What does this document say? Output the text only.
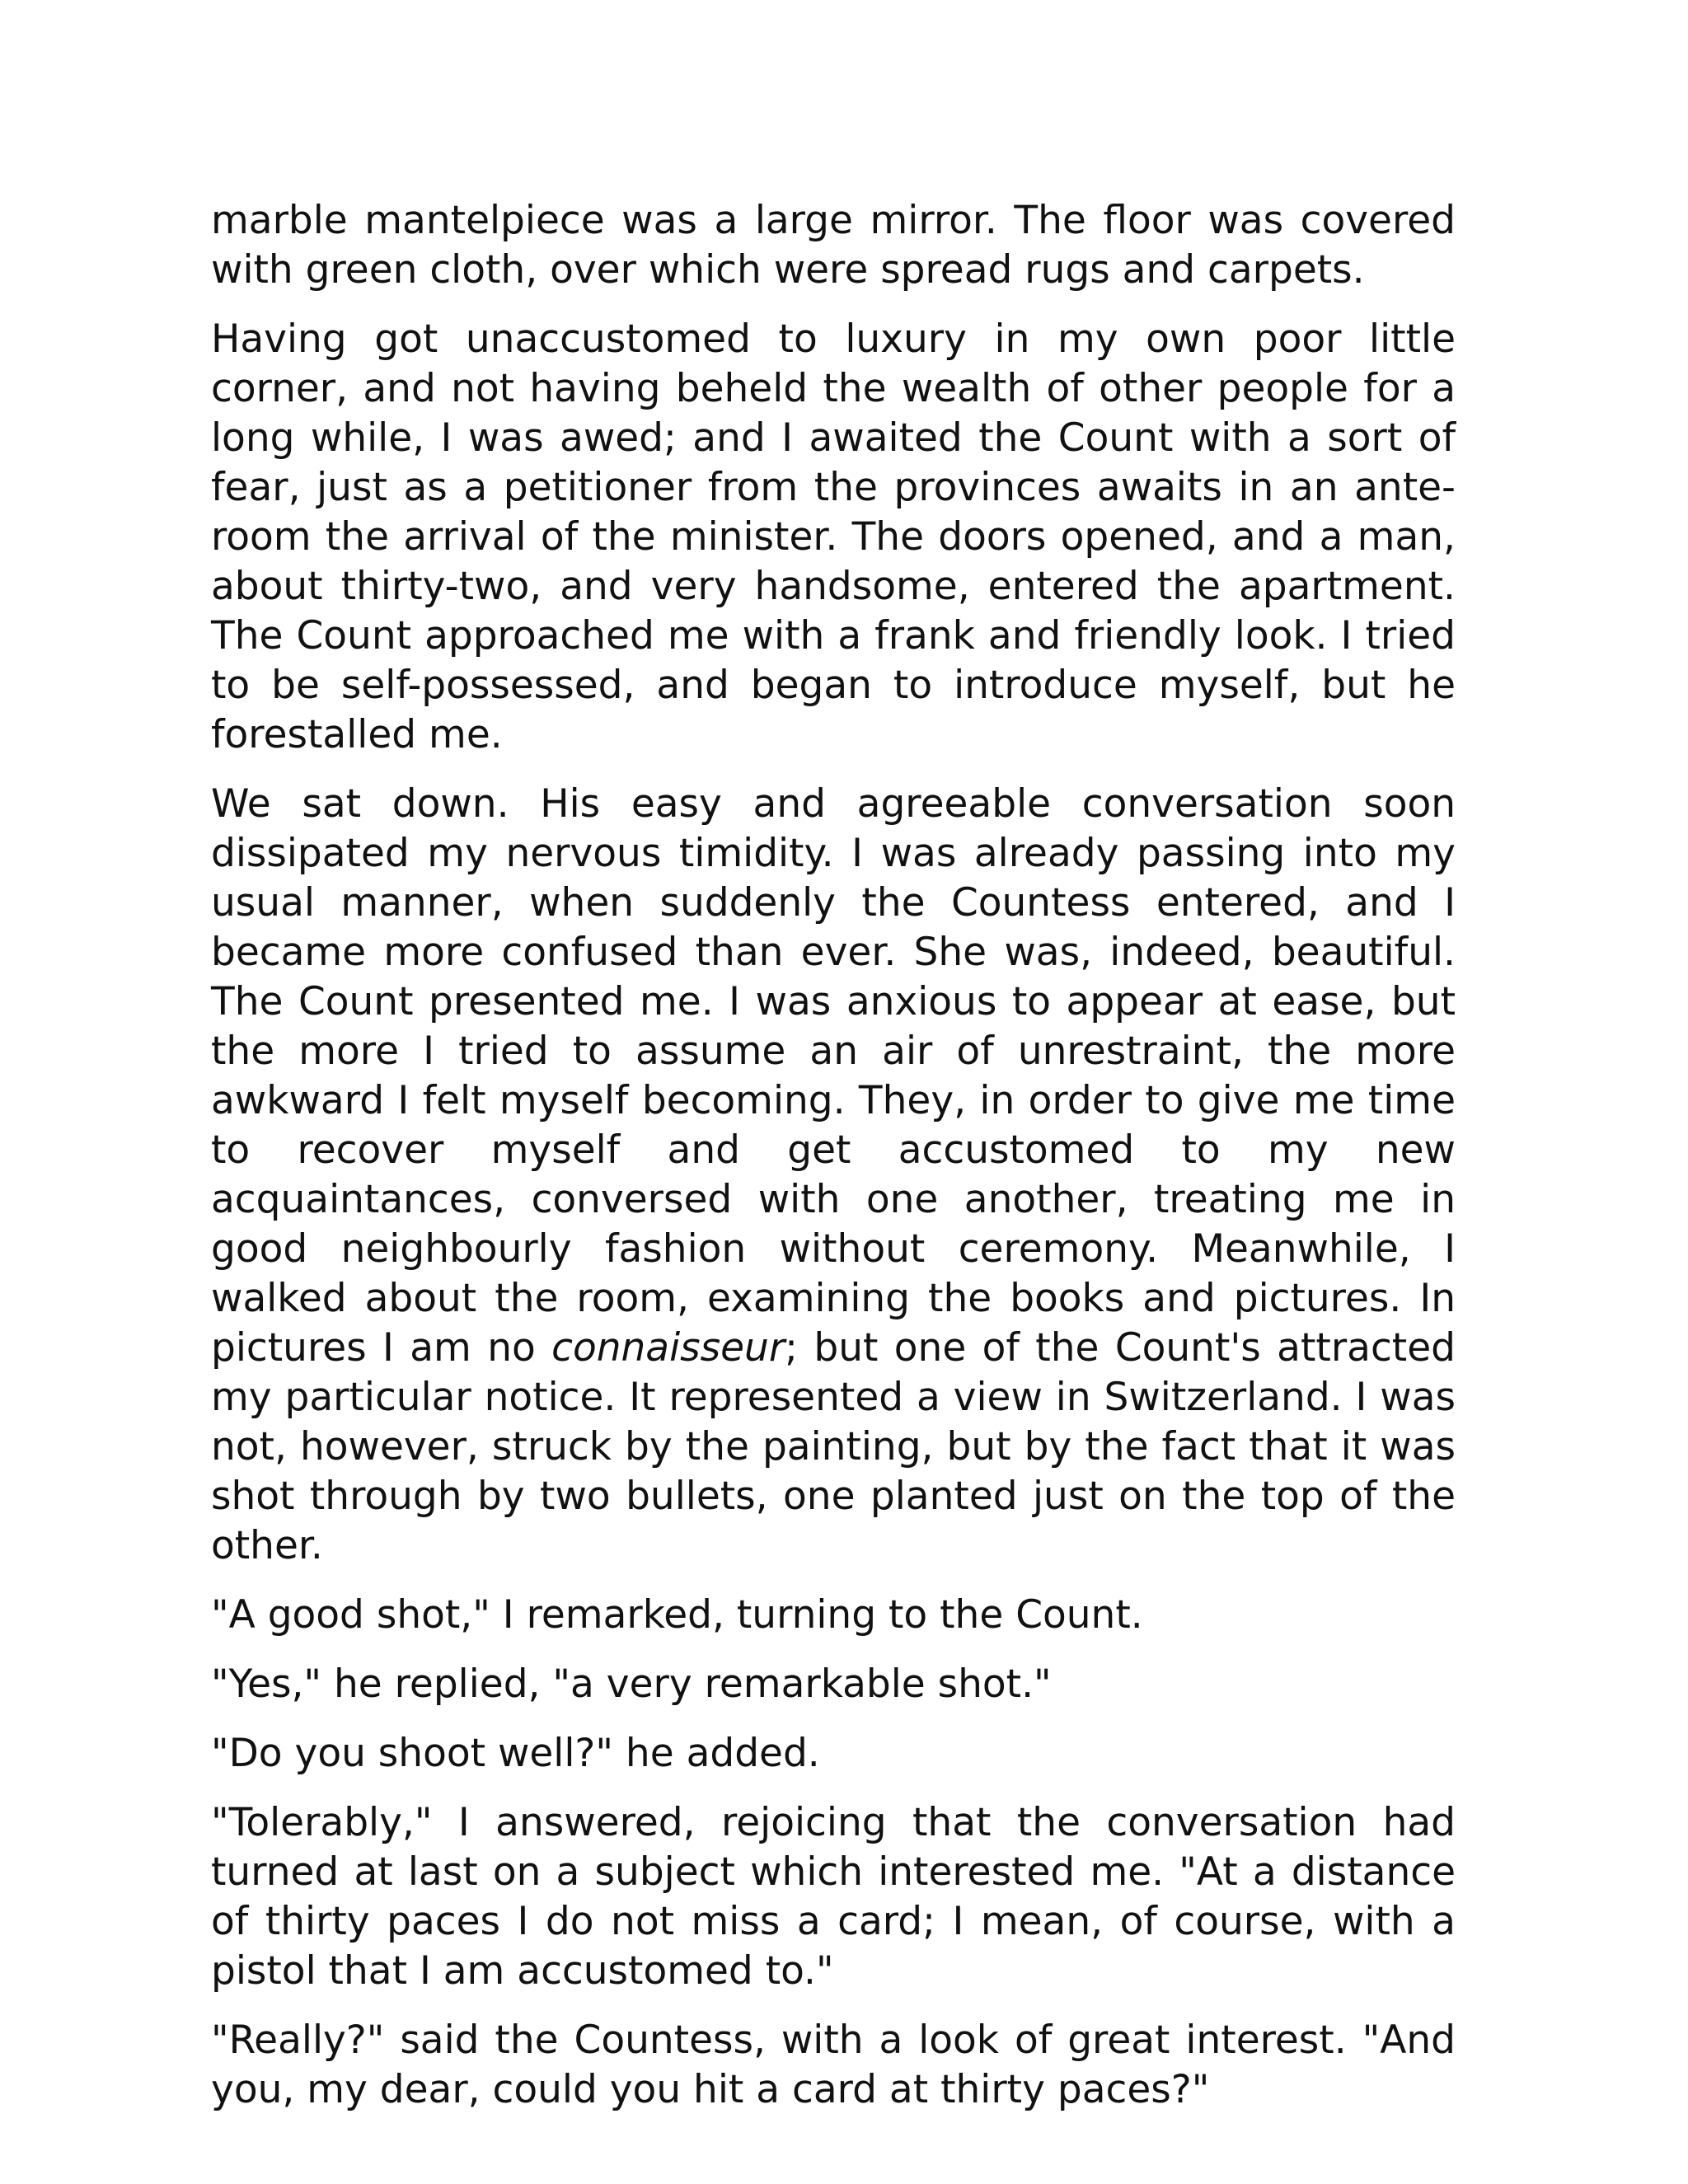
marble mantelpiece was a large mirror. The floor was covered with green cloth, over which were spread rugs and carpets.

Having got unaccustomed to luxury in my own poor little corner, and not having beheld the wealth of other people for a long while, I was awed; and I awaited the Count with a sort of fear, just as a petitioner from the provinces awaits in an ante-room the arrival of the minister. The doors opened, and a man, about thirty-two, and very handsome, entered the apartment. The Count approached me with a frank and friendly look. I tried to be self-possessed, and began to introduce myself, but he forestalled me.

We sat down. His easy and agreeable conversation soon dissipated my nervous timidity. I was already passing into my usual manner, when suddenly the Countess entered, and I became more confused than ever. She was, indeed, beautiful. The Count presented me. I was anxious to appear at ease, but the more I tried to assume an air of unrestraint, the more awkward I felt myself becoming. They, in order to give me time to recover myself and get accustomed to my new acquaintances, conversed with one another, treating me in good neighbourly fashion without ceremony. Meanwhile, I walked about the room, examining the books and pictures. In pictures I am no connaisseur; but one of the Count's attracted my particular notice. It represented a view in Switzerland. I was not, however, struck by the painting, but by the fact that it was shot through by two bullets, one planted just on the top of the other.

"A good shot," I remarked, turning to the Count.

"Yes," he replied, "a very remarkable shot."

"Do you shoot well?" he added.

"Tolerably," I answered, rejoicing that the conversation had turned at last on a subject which interested me. "At a distance of thirty paces I do not miss a card; I mean, of course, with a pistol that I am accustomed to."

"Really?" said the Countess, with a look of great interest. "And you, my dear, could you hit a card at thirty paces?"
